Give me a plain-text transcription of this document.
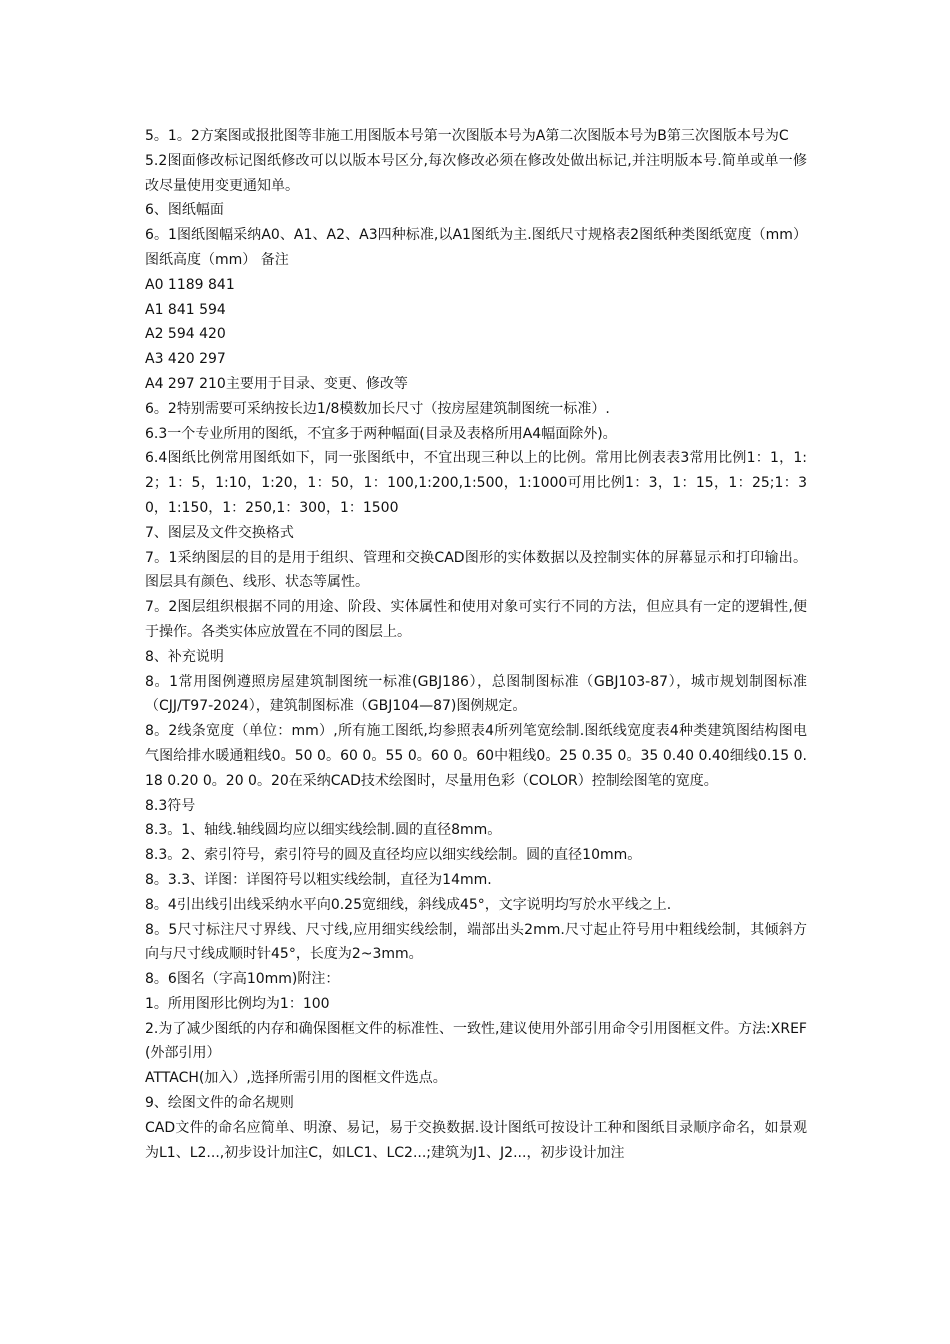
5。1。2方案图或报批图等非施工用图版本号第一次图版本号为A第二次图版本号为B第三次图版本号为C

5.2图面修改标记图纸修改可以以版本号区分,每次修改必须在修改处做出标记,并注明版本号.简单或单一修改尽量使用变更通知单。

6、图纸幅面

6。1图纸图幅采纳A0、A1、A2、A3四种标准,以A1图纸为主.图纸尺寸规格表2图纸种类图纸宽度（mm）图纸高度（mm） 备注

A0 1189 841

A1 841 594

A2 594 420

A3 420 297

A4 297 210主要用于目录、变更、修改等

6。2特别需要可采纳按长边1/8模数加长尺寸（按房屋建筑制图统一标准）.

6.3一个专业所用的图纸，不宜多于两种幅面(目录及表格所用A4幅面除外)。

6.4图纸比例常用图纸如下，同一张图纸中，不宜出现三种以上的比例。常用比例表表3常用比例1：1，1:2；1：5，1:10，1:20，1：50，1：100,1:200,1:500，1:1000可用比例1：3，1：15，1：25;1：30，1:150，1：250,1：300，1：1500

7、图层及文件交换格式

7。1采纳图层的目的是用于组织、管理和交换CAD图形的实体数据以及控制实体的屏幕显示和打印输出。图层具有颜色、线形、状态等属性。

7。2图层组织根据不同的用途、阶段、实体属性和使用对象可实行不同的方法，但应具有一定的逻辑性,便于操作。各类实体应放置在不同的图层上。

8、补充说明

8。1常用图例遵照房屋建筑制图统一标准(GBJ186），总图制图标准（GBJ103-87），城市规划制图标准（CJJ/T97-2024），建筑制图标准（GBJ104—87)图例规定。

8。2线条宽度（单位：mm）,所有施工图纸,均参照表4所列笔宽绘制.图纸线宽度表4种类建筑图结构图电气图给排水暖通粗线0。50 0。60 0。55 0。60 0。60中粗线0。25 0.35 0。35 0.40 0.40细线0.15 0.18 0.20 0。20 0。20在采纳CAD技术绘图时，尽量用色彩（COLOR）控制绘图笔的宽度。

8.3符号

8.3。1、轴线.轴线圆均应以细实线绘制.圆的直径8mm。

8.3。2、索引符号，索引符号的圆及直径均应以细实线绘制。圆的直径10mm。

8。3.3、详图：详图符号以粗实线绘制，直径为14mm.

8。4引出线引出线采纳水平向0.25宽细线，斜线成45°，文字说明均写於水平线之上.

8。5尺寸标注尺寸界线、尺寸线,应用细实线绘制，端部出头2mm.尺寸起止符号用中粗线绘制，其倾斜方向与尺寸线成顺时针45°，长度为2~3mm。

8。6图名（字高10mm)附注：

1。所用图形比例均为1：100

2.为了减少图纸的内存和确保图框文件的标准性、一致性,建议使用外部引用命令引用图框文件。方法:XREF(外部引用）

ATTACH(加入）,选择所需引用的图框文件选点。

9、绘图文件的命名规则

CAD文件的命名应简单、明潦、易记，易于交换数据.设计图纸可按设计工种和图纸目录顺序命名，如景观为L1、L2...,初步设计加注C，如LC1、LC2...;建筑为J1、J2...，初步设计加注
